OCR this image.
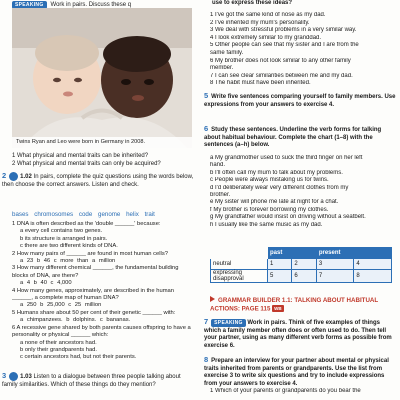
SPEAKING	Work in pairs. Discuss these q
Twins Ryan and Leo were born in Germany in 2008.
1 What physical and mental traits can be inherited?
2 What physical and mental traits can only be acquired?
2 1.02 In pairs, complete the quiz questions using the words below, then choose the correct answers. Listen and check.
bases chromosomes code genome helix trait
1 DNA is often described as the 'double ______' because:
a every cell contains two genes.
b its structure is arranged in pairs.
c there are two different kinds of DNA.
2 How many pairs of ______ are found in most human cells?
a 23 b 46 c more than a million
3 How many different chemical ______, the fundamental building blocks of DNA, are there?
a 4 b 40 c 4,000
4 How many genes, approximately, are described in the human ______, a complete map of human DNA?
a 250 b 25,000 c 25 million
5 Humans share about 50 per cent of their genetic ______ with:
a chimpanzees. b dolphins. c bananas.
6 A recessive gene shared by both parents causes offspring to have a personality or physical ______ which:
a none of their ancestors had.
b only their grandparents had.
c certain ancestors had, but not their parents.
3 1.03 Listen to a dialogue between three people talking about family similarities. Which of these things do they mention?
use to express these ideas?
1 I've got the same kind of nose as my dad.
2 I've inherited my mum's personality.
3 We deal with stressful problems in a very similar way.
4 I look extremely similar to my granddad.
5 Other people can see that my sister and I are from the
same family.
6 My brother does not look similar to any other family
member.
7 I can see clear similarities between me and my dad.
8 The habit must have been inherited.
5 Write five sentences comparing yourself to family members. Use expressions from your answers to exercise 4.
6 Study these sentences. Underline the verb forms for talking about habitual behaviour. Complete the chart (1–8) with the sentences (a–h) below.
a My grandmother used to suck the third finger on her left
hand.
b I'll often call my mum to talk about my problems.
c People were always mistaking us for twins.
d I'd deliberately wear very different clothes from my
brother.
e My sister will phone me late at night for a chat.
f My brother is forever borrowing my clothes.
g My grandfather would insist on driving without a seatbelt.
h I usually like the same music as my dad.
	past		present	
neutral	1	2	3	4
expressing disapproval	5	6	7	8
GRAMMAR BUILDER 1.1: TALKING ABOUT HABITUAL ACTIONS: PAGE 115 WB
7 SPEAKING Work in pairs. Think of five examples of things which a family member often does or often used to do. Then tell your partner, using as many different verb forms as possible from exercise 6.
8 Prepare an interview for your partner about mental or physical traits inherited from parents or grandparents. Use the list from exercise 3 to write six questions and try to include expressions from your answers to exercise 4.
1 Which of your parents or grandparents do you bear the
